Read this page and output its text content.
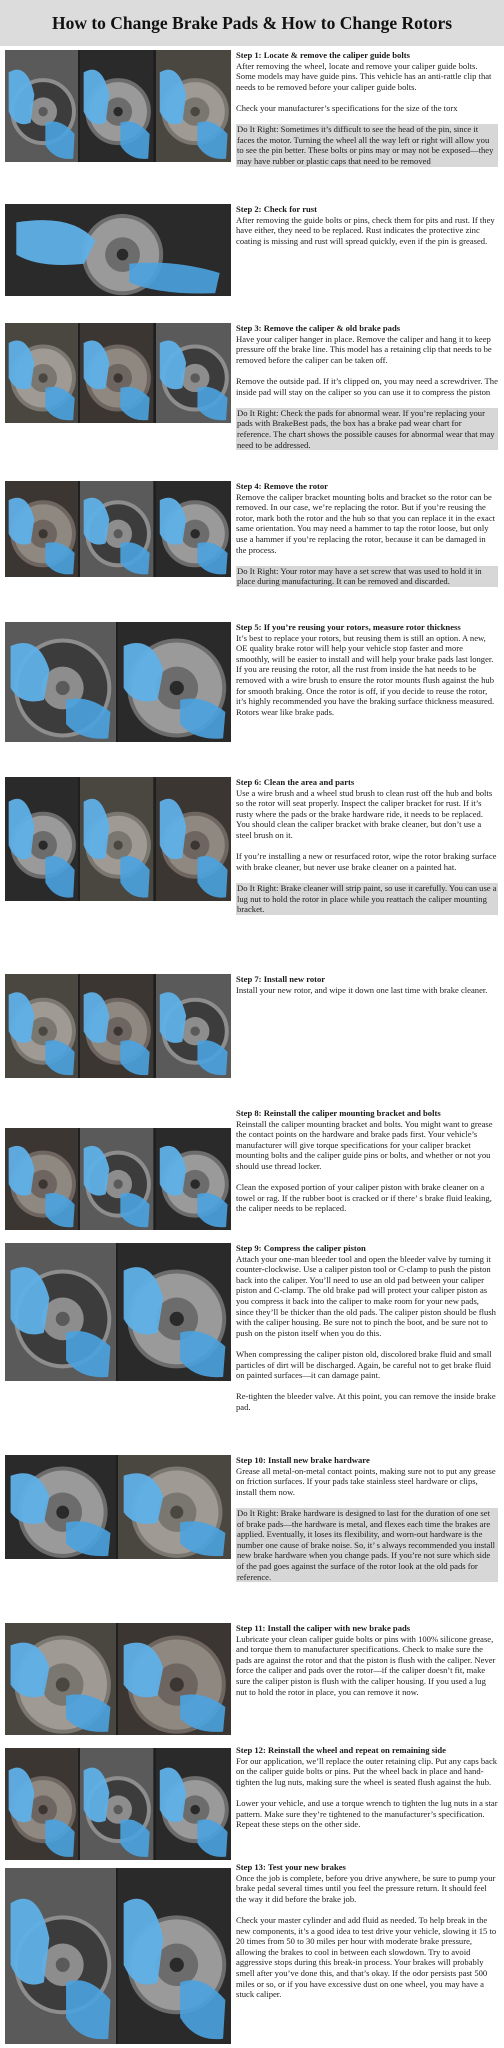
How to Change Brake Pads & How to Change Rotors
Step 1: Locate & remove the caliper guide bolts

After removing the wheel, locate and remove your caliper guide bolts. Some models may have guide pins. This vehicle has an anti-rattle clip that needs to be removed before your caliper guide bolts.

Check your manufacturer’s specifications for the size of the torx

Do It Right: Sometimes it’s difficult to see the head of the pin, since it faces the motor. Turning the wheel all the way left or right will allow you to see the pin better. These bolts or pins may or may not be exposed—they may have rubber or plastic caps that need to be removed

Step 2: Check for rust

After removing the guide bolts or pins, check them for pits and rust. If they have either, they need to be replaced. Rust indicates the protective zinc coating is missing and rust will spread quickly, even if the pin is greased.

Step 3: Remove the caliper & old brake pads

Have your caliper hanger in place. Remove the caliper and hang it to keep pressure off the brake line. This model has a retaining clip that needs to be removed before the caliper can be taken off.

Remove the outside pad. If it’s clipped on, you may need a screwdriver. The inside pad will stay on the caliper so you can use it to compress the piston

Do It Right: Check the pads for abnormal wear. If you’re replacing your pads with BrakeBest pads, the box has a brake pad wear chart for reference. The chart shows the possible causes for abnormal wear that may need to be addressed.

Step 4: Remove the rotor

Remove the caliper bracket mounting bolts and bracket so the rotor can be removed. In our case, we’re replacing the rotor. But if you’re reusing the rotor, mark both the rotor and the hub so that you can replace it in the exact same orientation. You may need a hammer to tap the rotor loose, but only use a hammer if you’re replacing the rotor, because it can be damaged in the process.

Do It Right: Your rotor may have a set screw that was used to hold it in place during manufacturing. It can be removed and discarded.

Step 5: If you’re reusing your rotors, measure rotor thickness

It’s best to replace your rotors, but reusing them is still an option. A new, OE quality brake rotor will help your vehicle stop faster and more smoothly, will be easier to install and will help your brake pads last longer. If you are reusing the rotor, all the rust from inside the hat needs to be removed with a wire brush to ensure the rotor mounts flush against the hub for smooth braking. Once the rotor is off, if you decide to reuse the rotor, it’s highly recommended you have the braking surface thickness measured. Rotors wear like brake pads.

Step 6: Clean the area and parts

Use a wire brush and a wheel stud brush to clean rust off the hub and bolts so the rotor will seat properly. Inspect the caliper bracket for rust. If it’s rusty where the pads or the brake hardware ride, it needs to be replaced. You should clean the caliper bracket with brake cleaner, but don’t use a steel brush on it.

If you’re installing a new or resurfaced rotor, wipe the rotor braking surface with brake cleaner, but never use brake cleaner on a painted hat.

Do It Right: Brake cleaner will strip paint, so use it carefully. You can use a lug nut to hold the rotor in place while you reattach the caliper mounting bracket.

Step 7: Install new rotor

Install your new rotor, and wipe it down one last time with brake cleaner.

Step 8: Reinstall the caliper mounting bracket and bolts

Reinstall the caliper mounting bracket and bolts. You might want to grease the contact points on the hardware and brake pads first. Your vehicle’s manufacturer will give torque specifications for your caliper bracket mounting bolts and the caliper guide pins or bolts, and whether or not you should use thread locker.

Clean the exposed portion of your caliper piston with brake cleaner on a towel or rag. If the rubber boot is cracked or if there’ s brake fluid leaking, the caliper needs to be replaced.

Step 9: Compress the caliper piston

Attach your one-man bleeder tool and open the bleeder valve by turning it counter-clockwise. Use a caliper piston tool or C-clamp to push the piston back into the caliper. You’ll need to use an old pad between your caliper piston and C-clamp. The old brake pad will protect your caliper piston as you compress it back into the caliper to make room for your new pads, since they’ll be thicker than the old pads. The caliper piston should be flush with the caliper housing. Be sure not to pinch the boot, and be sure not to push on the piston itself when you do this.

When compressing the caliper piston old, discolored brake fluid and small particles of dirt will be discharged. Again, be careful not to get brake fluid on painted surfaces—it can damage paint.

Re-tighten the bleeder valve. At this point, you can remove the inside brake pad.

Step 10: Install new brake hardware

Grease all metal-on-metal contact points, making sure not to put any grease on friction surfaces. If your pads take stainless steel hardware or clips, install them now.

Do It Right: Brake hardware is designed to last for the duration of one set of brake pads—the hardware is metal, and flexes each time the brakes are applied. Eventually, it loses its flexibility, and worn-out hardware is the number one cause of brake noise. So, it’ s always recommended you install new brake hardware when you change pads. If you’re not sure which side of the pad goes against the surface of the rotor look at the old pads for reference.

Step 11: Install the caliper with new brake pads

Lubricate your clean caliper guide bolts or pins with 100% silicone grease, and torque them to manufacturer specifications. Check to make sure the pads are against the rotor and that the piston is flush with the caliper. Never force the caliper and pads over the rotor—if the caliper doesn’t fit, make sure the caliper piston is flush with the caliper housing. If you used a lug nut to hold the rotor in place, you can remove it now.

Step 12: Reinstall the wheel and repeat on remaining side

For our application, we’ll replace the outer retaining clip. Put any caps back on the caliper guide bolts or pins. Put the wheel back in place and hand-tighten the lug nuts, making sure the wheel is seated flush against the hub.

Lower your vehicle, and use a torque wrench to tighten the lug nuts in a star pattern. Make sure they’re tightened to the manufacturer’s specification. Repeat these steps on the other side.

Step 13: Test your new brakes

Once the job is complete, before you drive anywhere, be sure to pump your brake pedal several times until you feel the pressure return. It should feel the way it did before the brake job.

Check your master cylinder and add fluid as needed. To help break in the new components, it’s a good idea to test drive your vehicle, slowing it 15 to 20 times from 50 to 30 miles per hour with moderate brake pressure, allowing the brakes to cool in between each slowdown. Try to avoid aggressive stops during this break-in process. Your brakes will probably smell after you’ve done this, and that’s okay. If the odor persists past 500 miles or so, or if you have excessive dust on one wheel, you may have a stuck caliper.
